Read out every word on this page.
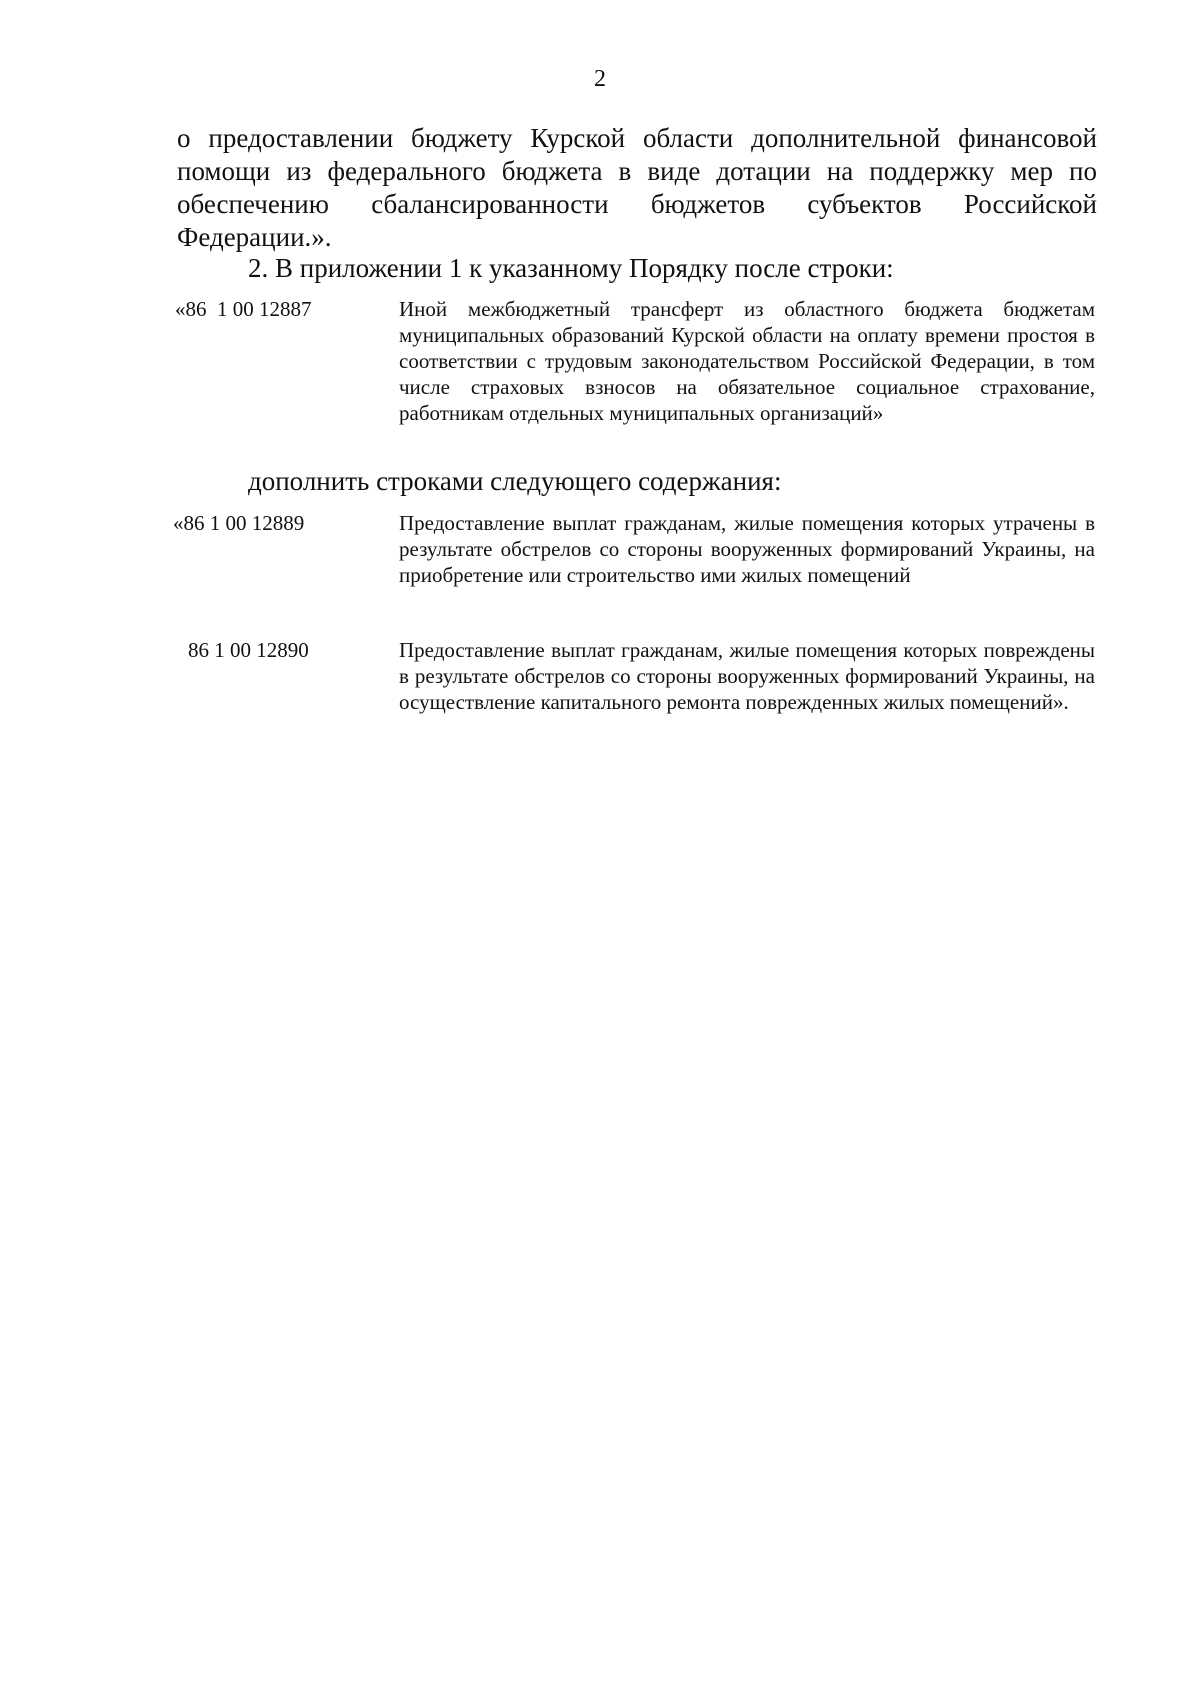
2

о предоставлении бюджету Курской области дополнительной финансовой помощи из федерального бюджета в виде дотации на поддержку мер по обеспечению сбалансированности бюджетов субъектов Российской Федерации.».

2. В приложении 1 к указанному Порядку после строки:

«86  1 00 12887	Иной межбюджетный трансферт из областного бюджета бюджетам муниципальных образований Курской области на оплату времени простоя в соответствии с трудовым законодательством Российской Федерации, в том числе страховых взносов на обязательное социальное страхование, работникам отдельных муниципальных организаций»

дополнить строками следующего содержания:

«86 1 00 12889	Предоставление выплат гражданам, жилые помещения которых утрачены в результате обстрелов со стороны вооруженных формирований Украины, на приобретение или строительство ими жилых помещений

86 1 00 12890	Предоставление выплат гражданам, жилые помещения которых повреждены в результате обстрелов со стороны вооруженных формирований Украины, на осуществление капитального ремонта поврежденных жилых помещений».
